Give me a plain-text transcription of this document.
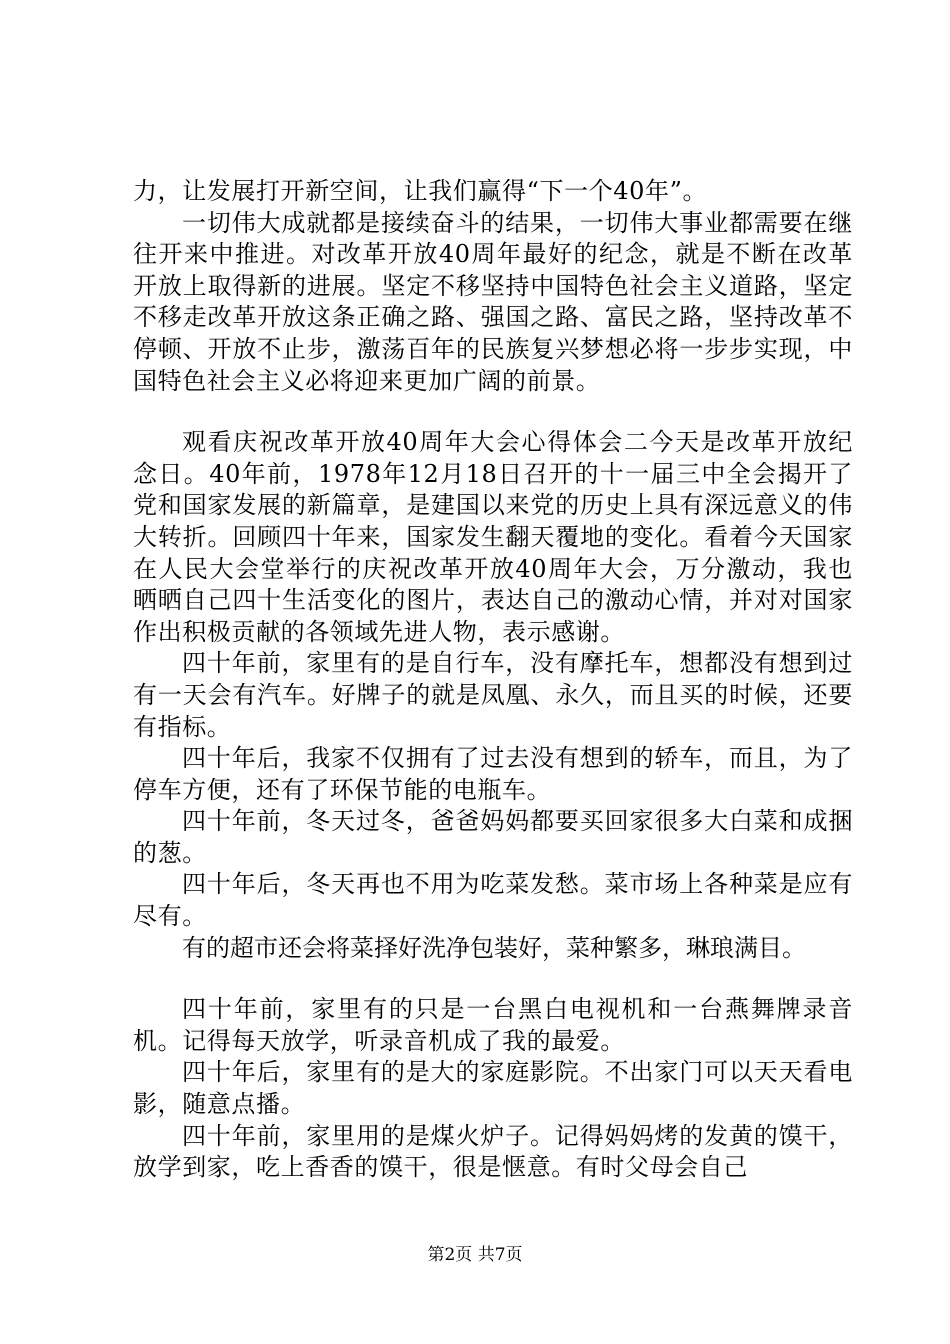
力，让发展打开新空间，让我们赢得“下一个40年”。

一切伟大成就都是接续奋斗的结果，一切伟大事业都需要在继往开来中推进。对改革开放40周年最好的纪念，就是不断在改革开放上取得新的进展。坚定不移坚持中国特色社会主义道路，坚定不移走改革开放这条正确之路、强国之路、富民之路，坚持改革不停顿、开放不止步，激荡百年的民族复兴梦想必将一步步实现，中国特色社会主义必将迎来更加广阔的前景。

观看庆祝改革开放40周年大会心得体会二今天是改革开放纪念日。40年前，1978年12月18日召开的十一届三中全会揭开了党和国家发展的新篇章，是建国以来党的历史上具有深远意义的伟大转折。回顾四十年来，国家发生翻天覆地的变化。看着今天国家在人民大会堂举行的庆祝改革开放40周年大会，万分激动，我也晒晒自己四十生活变化的图片，表达自己的激动心情，并对对国家作出积极贡献的各领域先进人物，表示感谢。

四十年前，家里有的是自行车，没有摩托车，想都没有想到过有一天会有汽车。好牌子的就是凤凰、永久，而且买的时候，还要有指标。

四十年后，我家不仅拥有了过去没有想到的轿车，而且，为了停车方便，还有了环保节能的电瓶车。

四十年前，冬天过冬，爸爸妈妈都要买回家很多大白菜和成捆的葱。

四十年后，冬天再也不用为吃菜发愁。菜市场上各种菜是应有尽有。

有的超市还会将菜择好洗净包装好，菜种繁多，琳琅满目。

四十年前，家里有的只是一台黑白电视机和一台燕舞牌录音机。记得每天放学，听录音机成了我的最爱。

四十年后，家里有的是大的家庭影院。不出家门可以天天看电影，随意点播。

四十年前，家里用的是煤火炉子。记得妈妈烤的发黄的馍干，放学到家，吃上香香的馍干，很是惬意。有时父母会自己

第2页 共7页
